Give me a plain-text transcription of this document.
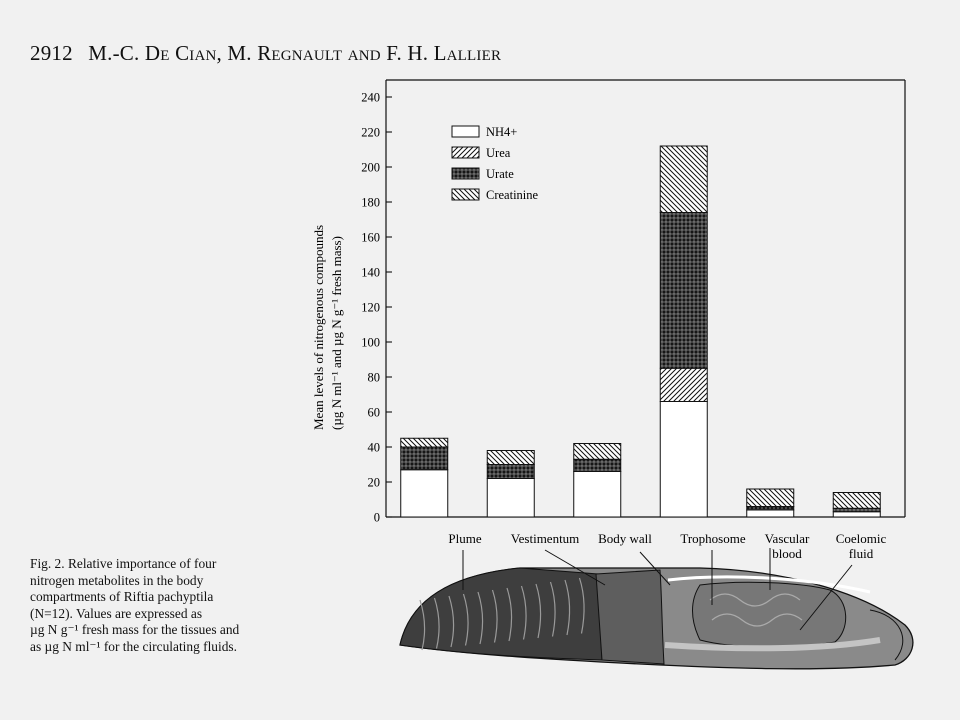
2912 M.-C. De Cian, M. Regnault and F. H. Lallier
Fig. 2. Relative importance of four
nitrogen metabolites in the body
compartments of Riftia pachyptila
(N=12). Values are expressed as
µg N g⁻¹ fresh mass for the tissues and
as µg N ml⁻¹ for the circulating fluids.
0
20
40
60
80
100
120
140
160
180
200
220
240
NH4+
Urea
Urate
Creatinine
Plume Vestimentum Body wall Trophosome Vascular
blood
Coelomic
fluid
Mean levels of nitrogenous compounds (µg N ml⁻¹ and µg N g⁻¹ fresh mass)
